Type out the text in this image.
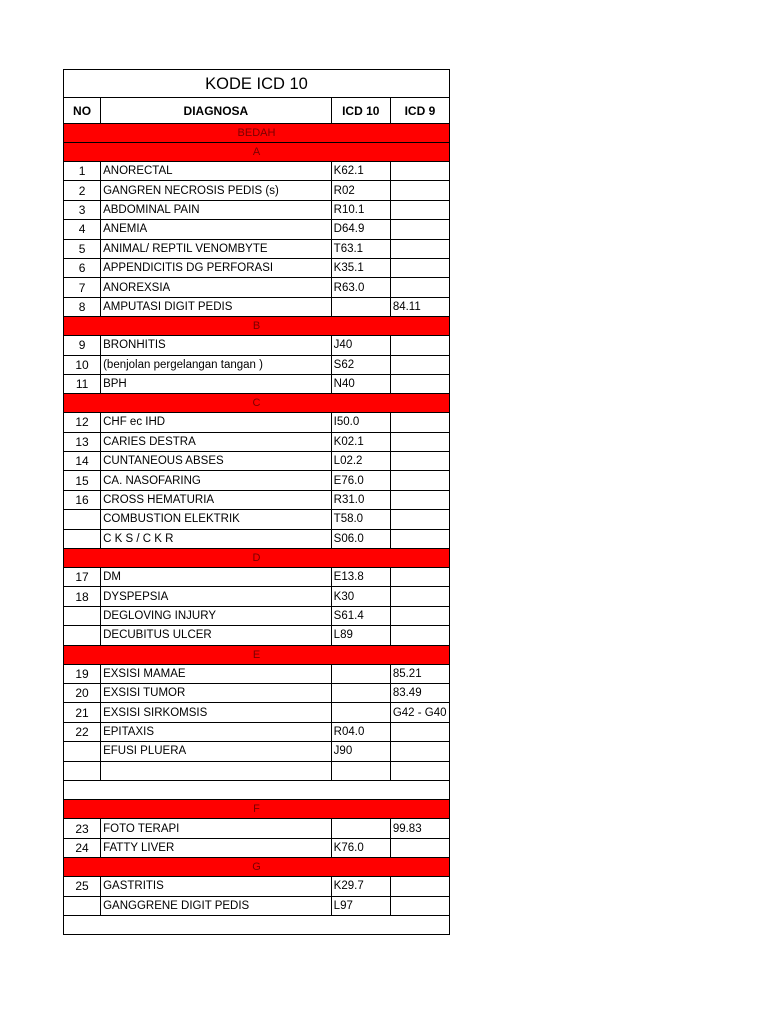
KODE ICD 10			
NO	DIAGNOSA	ICD 10	ICD 9
BEDAH			
A			
1	ANORECTAL	K62.1	
2	GANGREN NECROSIS PEDIS (s)	R02	
3	ABDOMINAL PAIN	R10.1	
4	ANEMIA	D64.9	
5	ANIMAL/ REPTIL VENOMBYTE	T63.1	
6	APPENDICITIS DG PERFORASI	K35.1	
7	ANOREXSIA	R63.0	
8	AMPUTASI DIGIT PEDIS		84.11
B			
9	BRONHITIS	J40	
10	(benjolan pergelangan tangan )	S62	
11	BPH	N40	
C			
12	CHF ec IHD	I50.0	
13	CARIES DESTRA	K02.1	
14	CUNTANEOUS ABSES	L02.2	
15	CA. NASOFARING	E76.0	
16	CROSS HEMATURIA	R31.0	
	COMBUSTION ELEKTRIK	T58.0	
	C K S / C K R	S06.0	
D			
17	DM	E13.8	
18	DYSPEPSIA	K30	
	DEGLOVING INJURY	S61.4	
	DECUBITUS ULCER	L89	
E			
19	EXSISI MAMAE		85.21
20	EXSISI TUMOR		83.49
21	EXSISI SIRKOMSIS		G42 - G40
22	EPITAXIS	R04.0	
	EFUSI PLUERA	J90	

F			
23	FOTO TERAPI		99.83
24	FATTY LIVER	K76.0	
G			
25	GASTRITIS	K29.7	
	GANGGRENE DIGIT PEDIS	L97	
